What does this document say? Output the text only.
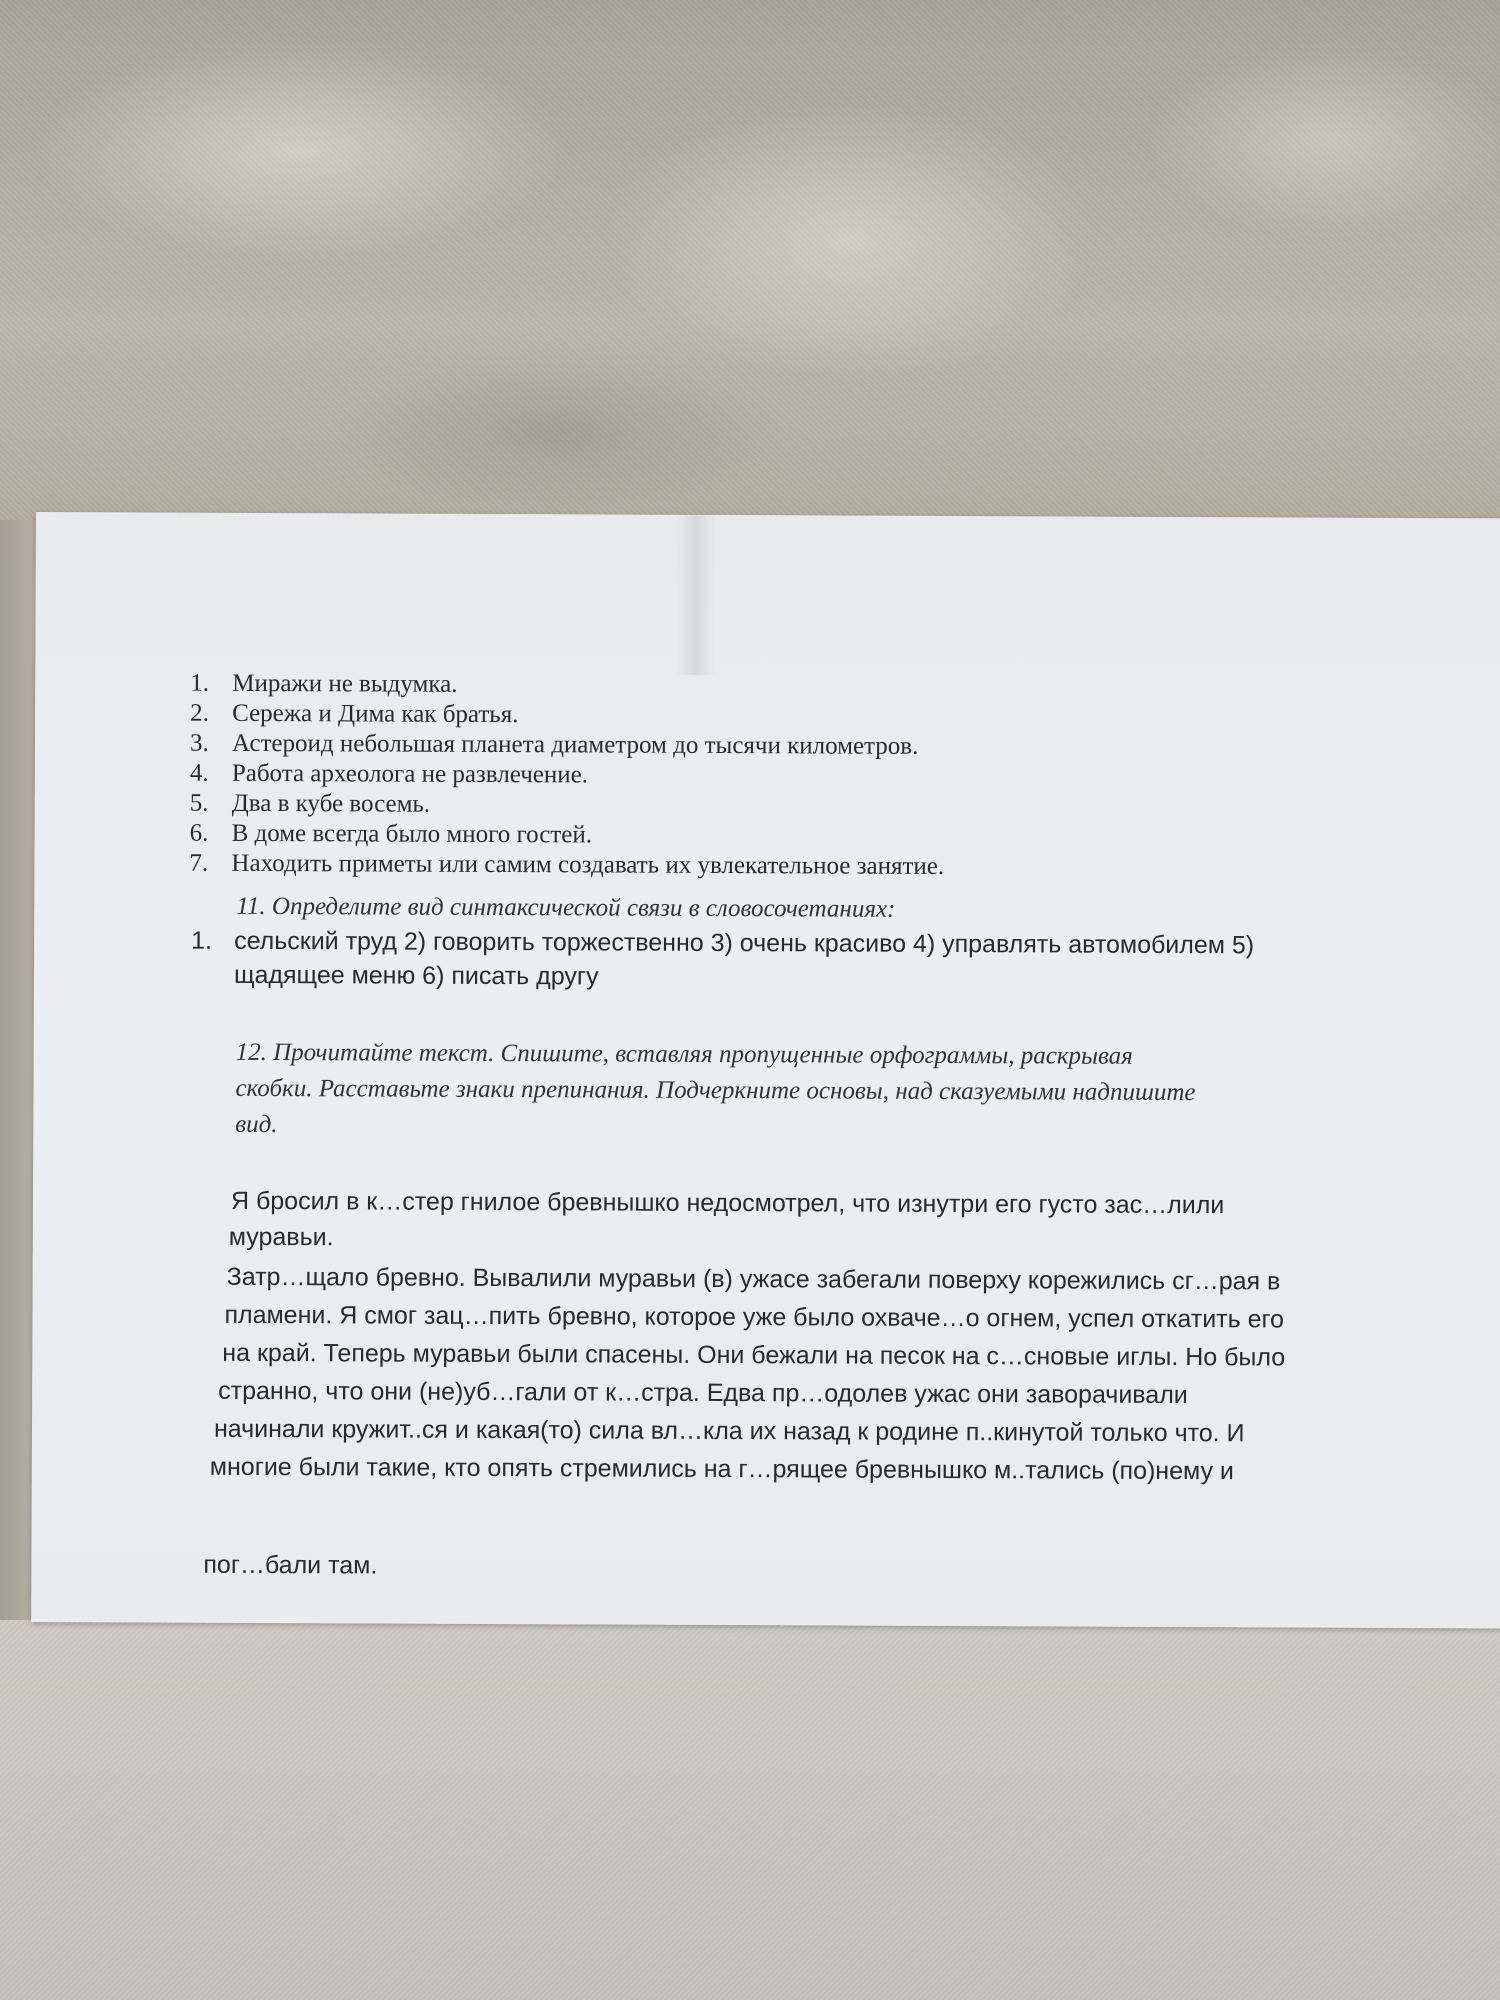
1. Миражи не выдумка.
2. Сережа и Дима как братья.
3. Астероид небольшая планета диаметром до тысячи километров.
4. Работа археолога не развлечение.
5. Два в кубе восемь.
6. В доме всегда было много гостей.
7. Находить приметы или самим создавать их увлекательное занятие.
11. Определите вид синтаксической связи в словосочетаниях:
1. сельский труд 2) говорить торжественно 3) очень красиво 4) управлять автомобилем 5)
щадящее меню 6) писать другу
12. Прочитайте текст. Спишите, вставляя пропущенные орфограммы, раскрывая
скобки. Расставьте знаки препинания. Подчеркните основы, над сказуемыми надпишите
вид.
Я бросил в к…стер гнилое бревнышко недосмотрел, что изнутри его густо зас…лили
муравьи.
Затр…щало бревно. Вывалили муравьи (в) ужасе забегали поверху корежились сг…рая в
пламени. Я смог зац…пить бревно, которое уже было охваче…о огнем, успел откатить его
на край. Теперь муравьи были спасены. Они бежали на песок на с…сновые иглы. Но было
странно, что они (не)уб…гали от к…стра. Едва пр…одолев ужас они заворачивали
начинали кружит..ся и какая(то) сила вл…кла их назад к родине п..кинутой только что. И
многие были такие, кто опять стремились на г…рящее бревнышко м..тались (по)нему и
пог…бали там.
